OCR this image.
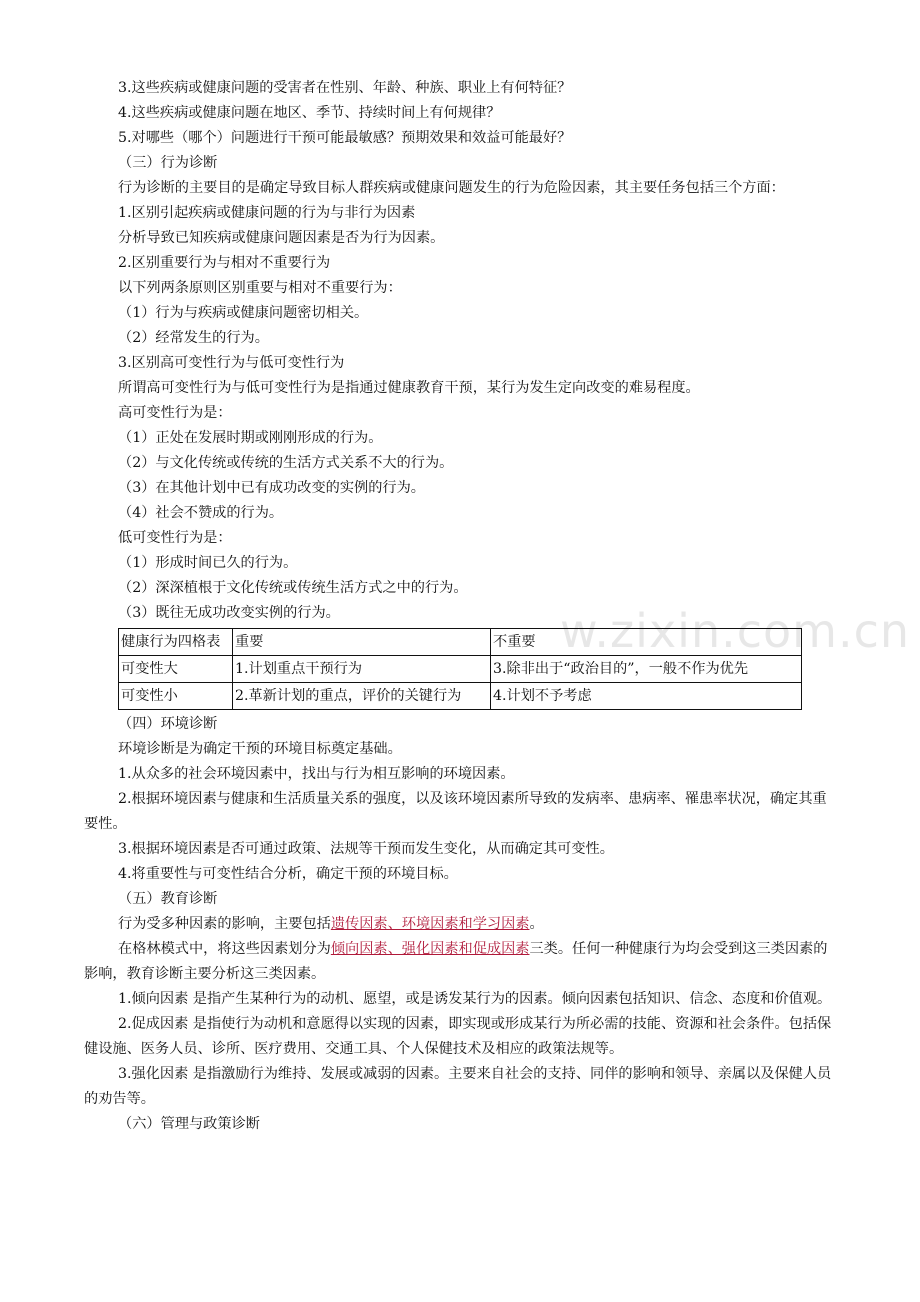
w.zixin.com.cn

3.这些疾病或健康问题的受害者在性别、年龄、种族、职业上有何特征？

4.这些疾病或健康问题在地区、季节、持续时间上有何规律？

5.对哪些（哪个）问题进行干预可能最敏感？预期效果和效益可能最好？

（三）行为诊断

行为诊断的主要目的是确定导致目标人群疾病或健康问题发生的行为危险因素，其主要任务包括三个方面：

1.区别引起疾病或健康问题的行为与非行为因素

分析导致已知疾病或健康问题因素是否为行为因素。

2.区别重要行为与相对不重要行为

以下列两条原则区别重要与相对不重要行为：

（1）行为与疾病或健康问题密切相关。

（2）经常发生的行为。

3.区别高可变性行为与低可变性行为

所谓高可变性行为与低可变性行为是指通过健康教育干预，某行为发生定向改变的难易程度。

高可变性行为是：

（1）正处在发展时期或刚刚形成的行为。

（2）与文化传统或传统的生活方式关系不大的行为。

（3）在其他计划中已有成功改变的实例的行为。

（4）社会不赞成的行为。

低可变性行为是：

（1）形成时间已久的行为。

（2）深深植根于文化传统或传统生活方式之中的行为。

（3）既往无成功改变实例的行为。

健康行为四格表	重要	不重要
可变性大	1.计划重点干预行为	3.除非出于“政治目的”，一般不作为优先
可变性小	2.革新计划的重点，评价的关键行为	4.计划不予考虑

（四）环境诊断

环境诊断是为确定干预的环境目标奠定基础。

1.从众多的社会环境因素中，找出与行为相互影响的环境因素。

2.根据环境因素与健康和生活质量关系的强度，以及该环境因素所导致的发病率、患病率、罹患率状况，确定其重要性。

3.根据环境因素是否可通过政策、法规等干预而发生变化，从而确定其可变性。

4.将重要性与可变性结合分析，确定干预的环境目标。

（五）教育诊断

行为受多种因素的影响，主要包括遗传因素、环境因素和学习因素。

在格林模式中，将这些因素划分为倾向因素、强化因素和促成因素三类。任何一种健康行为均会受到这三类因素的影响，教育诊断主要分析这三类因素。

1.倾向因素 是指产生某种行为的动机、愿望，或是诱发某行为的因素。倾向因素包括知识、信念、态度和价值观。

2.促成因素 是指使行为动机和意愿得以实现的因素，即实现或形成某行为所必需的技能、资源和社会条件。包括保健设施、医务人员、诊所、医疗费用、交通工具、个人保健技术及相应的政策法规等。

3.强化因素 是指激励行为维持、发展或减弱的因素。主要来自社会的支持、同伴的影响和领导、亲属以及保健人员的劝告等。

（六）管理与政策诊断
